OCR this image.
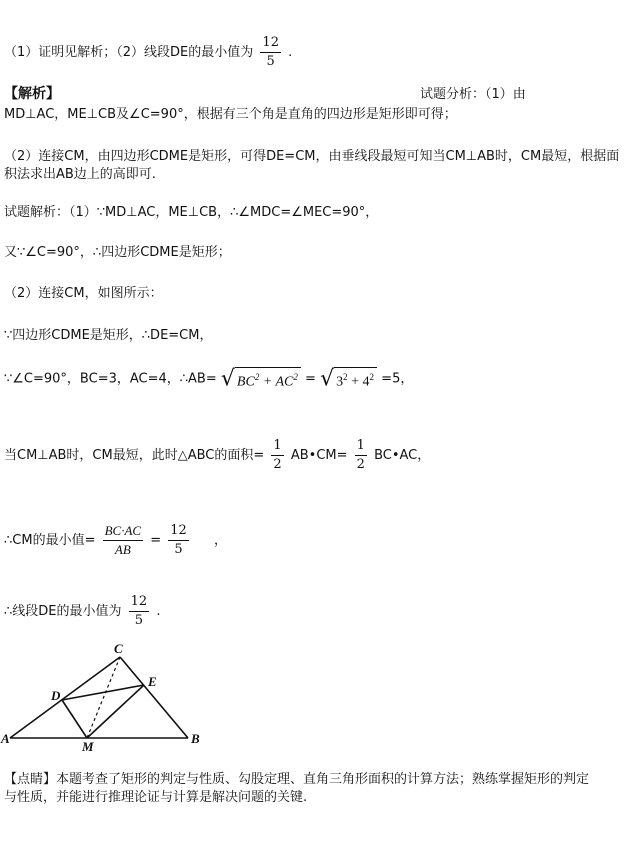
（1）证明见解析；（2）线段DE的最小值为 $\frac{12}{5}$ .
【解析】	试题分析：（1）由
MD⊥AC，ME⊥CB及∠C=90°，根据有三个角是直角的四边形是矩形即可得；
（2）连接CM，由四边形CDME是矩形，可得DE=CM，由垂线段最短可知当CM⊥AB时，CM最短，根据面
积法求出AB边上的高即可.
试题解析：（1）∵MD⊥AC，ME⊥CB，∴∠MDC=∠MEC=90°，
又∵∠C=90°，∴四边形CDME是矩形；
（2）连接CM，如图所示：
∵四边形CDME是矩形，∴DE=CM，
∵∠C=90°，BC=3，AC=4，∴AB= √ $BC^2 + AC^2$ = √ $3^2 + 4^2 =5$，
当CM⊥AB时，CM最短，此时△ABC的面积= $\frac{1}{2}$ AB•CM= $\frac{1}{2}$ BC•AC，
∴CM的最小值= $\frac{BC\cdot AC}{AB} = \frac{12}{5}$ ，
∴线段DE的最小值为 $\frac{12}{5}$ .
A	B
C
D
E
M
【点睛】本题考查了矩形的判定与性质、勾股定理、直角三角形面积的计算方法；熟练掌握矩形的判定
与性质，并能进行推理论证与计算是解决问题的关键.
